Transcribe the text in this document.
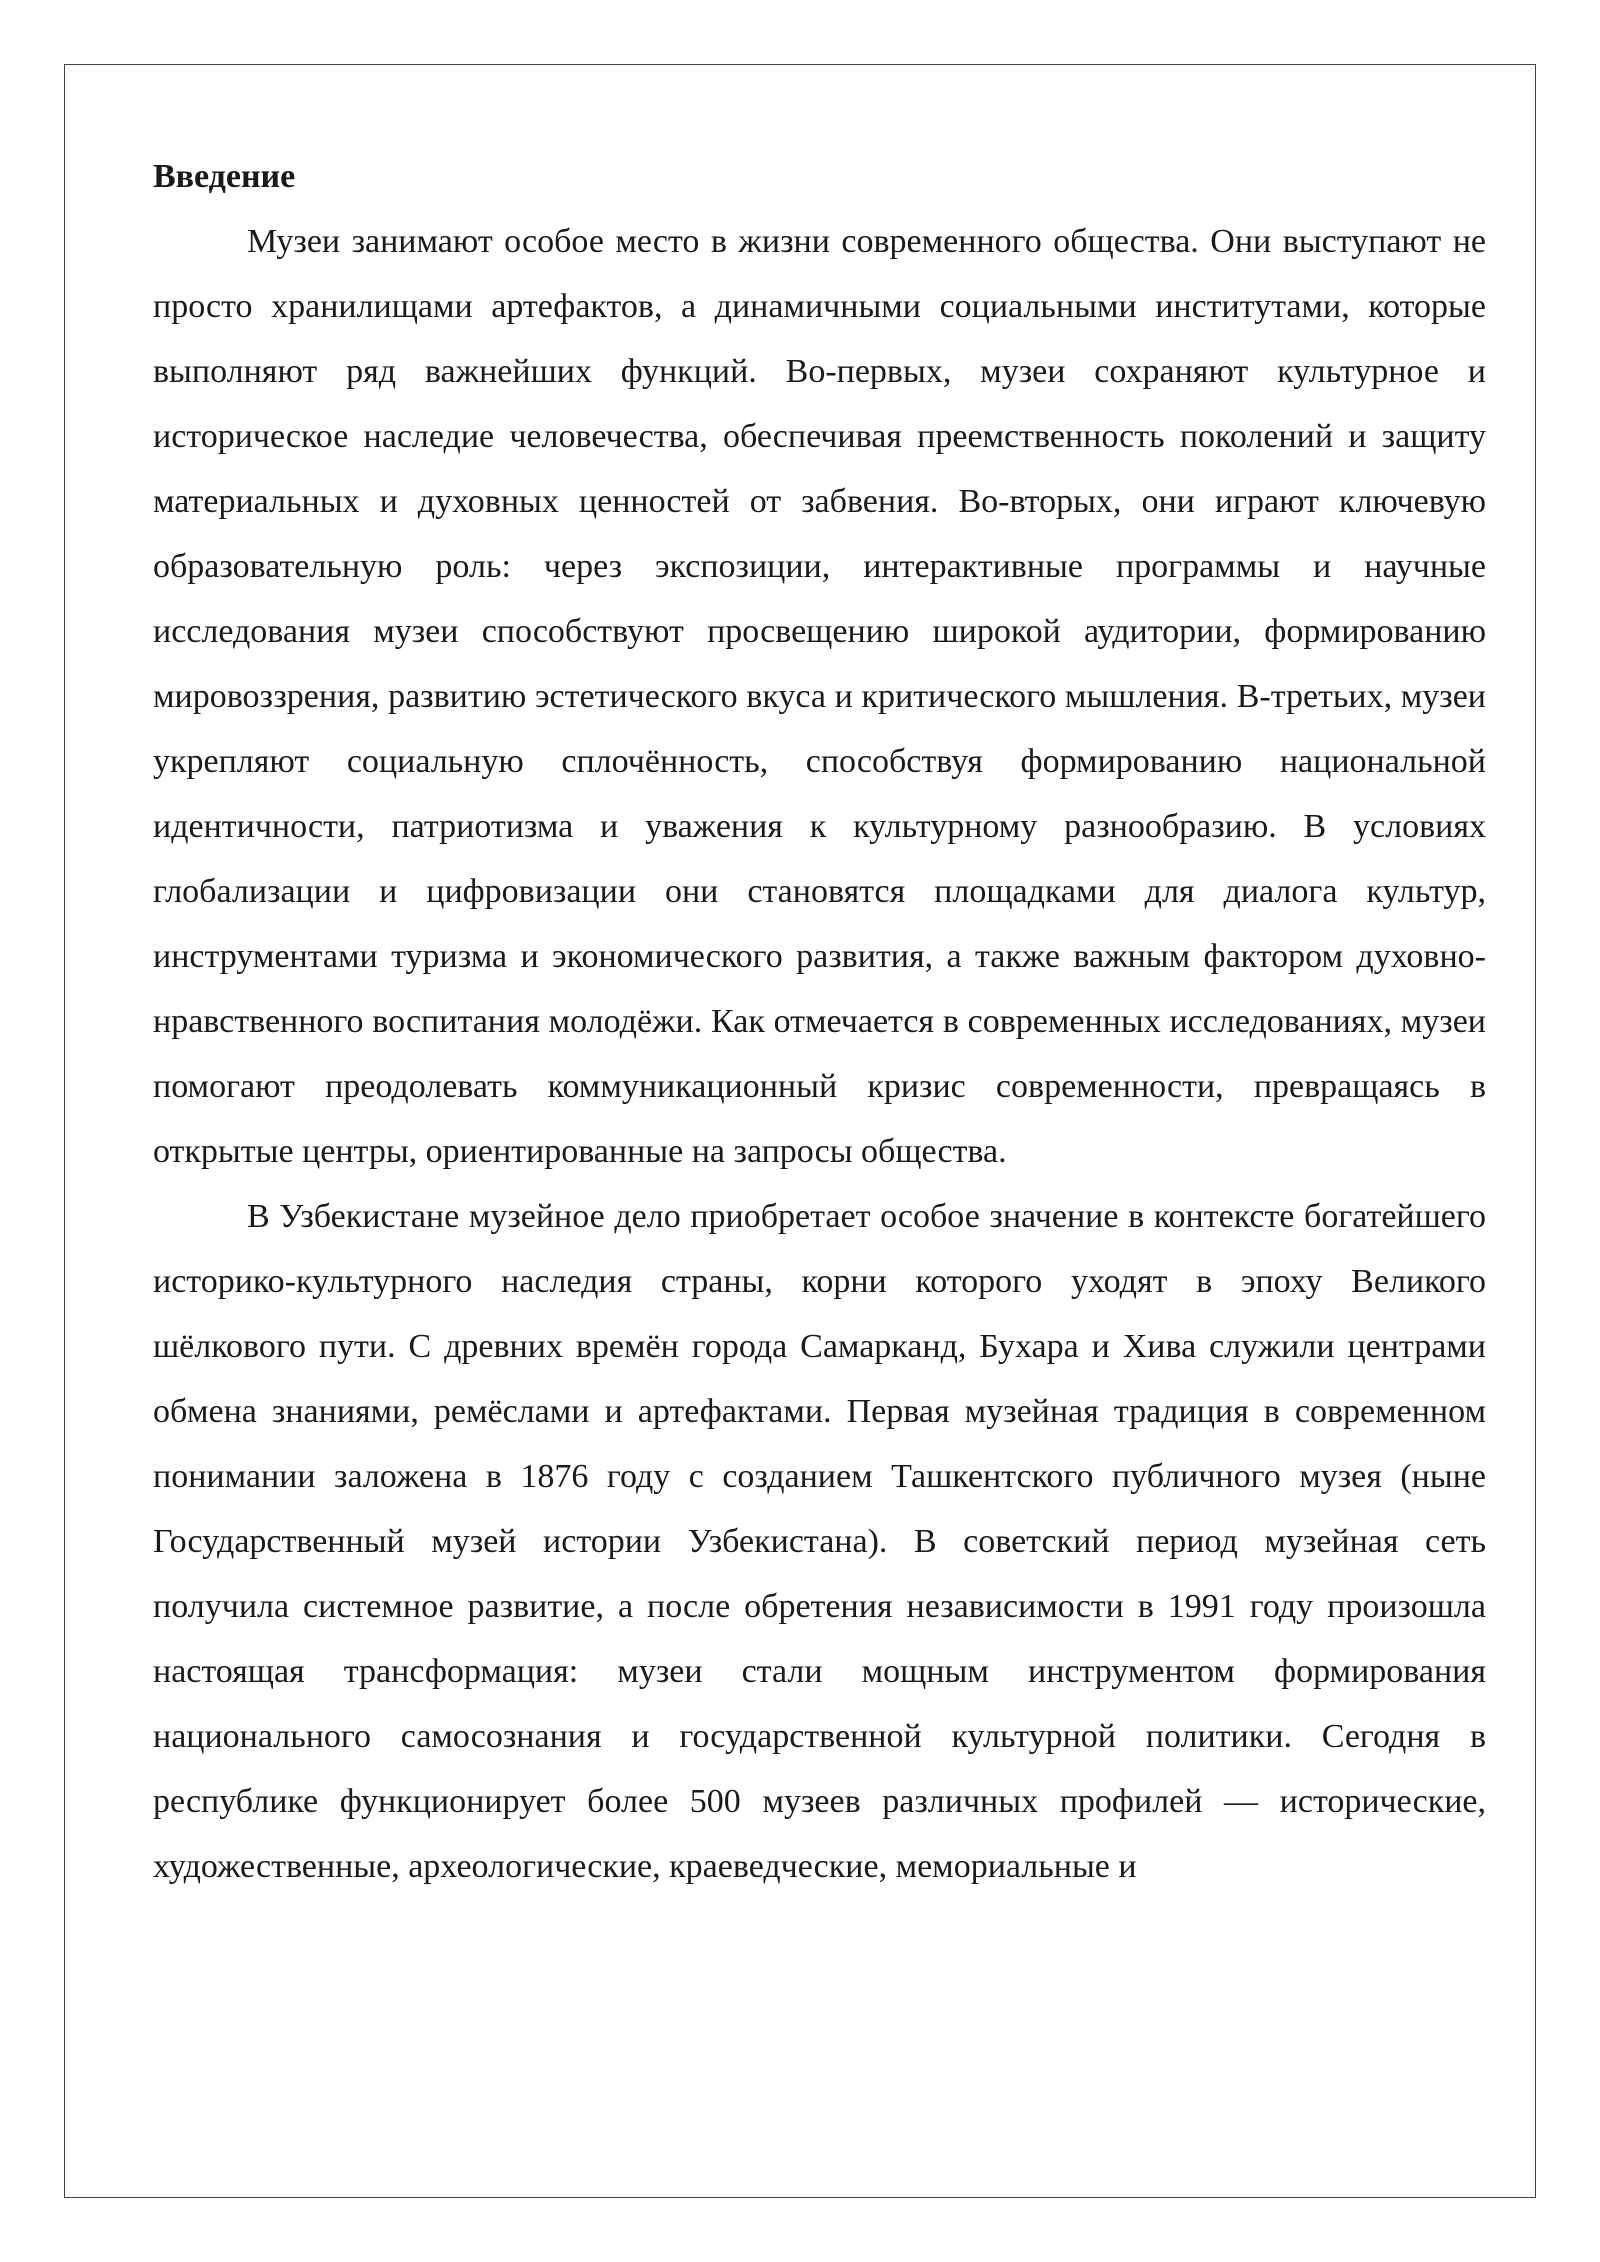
Введение

Музеи занимают особое место в жизни современного общества. Они выступают не просто хранилищами артефактов, а динамичными социальными институтами, которые выполняют ряд важнейших функций. Во-первых, музеи сохраняют культурное и историческое наследие человечества, обеспечивая преемственность поколений и защиту материальных и духовных ценностей от забвения. Во-вторых, они играют ключевую образовательную роль: через экспозиции, интерактивные программы и научные исследования музеи способствуют просвещению широкой аудитории, формированию мировоззрения, развитию эстетического вкуса и критического мышления. В-третьих, музеи укрепляют социальную сплочённость, способствуя формированию национальной идентичности, патриотизма и уважения к культурному разнообразию. В условиях глобализации и цифровизации они становятся площадками для диалога культур, инструментами туризма и экономического развития, а также важным фактором духовно-нравственного воспитания молодёжи. Как отмечается в современных исследованиях, музеи помогают преодолевать коммуникационный кризис современности, превращаясь в открытые центры, ориентированные на запросы общества.

В Узбекистане музейное дело приобретает особое значение в контексте богатейшего историко-культурного наследия страны, корни которого уходят в эпоху Великого шёлкового пути. С древних времён города Самарканд, Бухара и Хива служили центрами обмена знаниями, ремёслами и артефактами. Первая музейная традиция в современном понимании заложена в 1876 году с созданием Ташкентского публичного музея (ныне Государственный музей истории Узбекистана). В советский период музейная сеть получила системное развитие, а после обретения независимости в 1991 году произошла настоящая трансформация: музеи стали мощным инструментом формирования национального самосознания и государственной культурной политики. Сегодня в республике функционирует более 500 музеев различных профилей — исторические, художественные, археологические, краеведческие, мемориальные и
